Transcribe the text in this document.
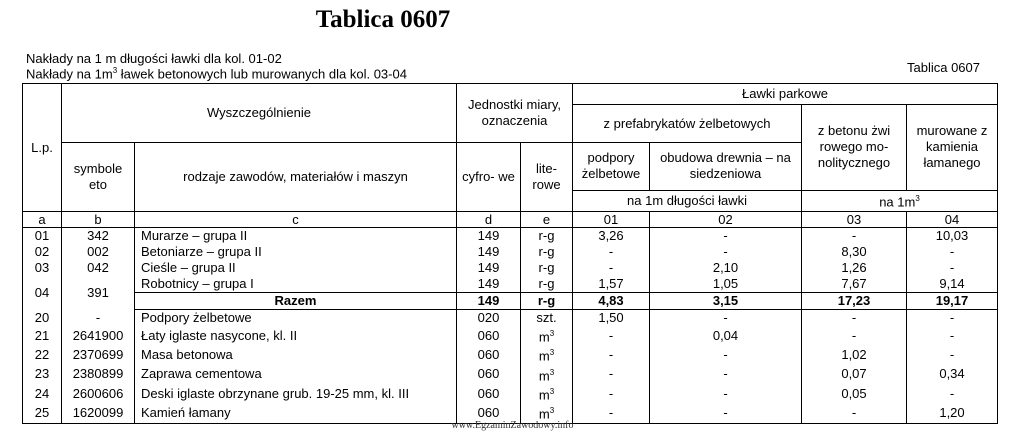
Tablica 0607
Nakłady na 1 m długości ławki dla kol. 01-02
Nakłady na $1m^3$ ławek betonowych lub murowanych dla kol. 03-04	Tablica 0607
L.p.	Wyszczególnienie		Jednostki miary, oznaczenia		Ławki parkowe			
					z prefabrykatów żelbetowych		z betonu żwi rowego mo- nolitycznego	murowane z kamienia łamanego
	symbole eto	rodzaje zawodów, materiałów i maszyn	cyfro- we	lite- rowe	podpory żelbetowe	obudowa drewnia – na siedzeniowa		
					na 1m długości ławki		na $1m^3$
a	b	c	d	e	01	02	03	04
01	342	Murarze – grupa II	149	r-g	3,26	-	-	10,03
02	002	Betoniarze – grupa II	149	r-g	-	-	8,30	-
03	042	Cieśle – grupa II	149	r-g	-	2,10	1,26	-
04	391	Robotnicy – grupa I	149	r-g	1,57	1,05	7,67	9,14
		Razem	149	r-g	4,83	3,15	17,23	19,17
20	-	Podpory żelbetowe	020	szt.	1,50	-	-	-
21	2641900	Łaty iglaste nasycone, kl. II	060	$m^3$	-	0,04	-	-
22	2370699	Masa betonowa	060	$m^3$	-	-	1,02	-
23	2380899	Zaprawa cementowa	060	$m^3$	-	-	0,07	0,34
24	2600606	Deski iglaste obrzynane grub. 19-25 mm, kl. III	060	$m^3$	-	-	0,05	-
25	1620099	Kamień łamany	060	$m^3$	-	-	-	1,20
www.EgzaminZawodowy.info
